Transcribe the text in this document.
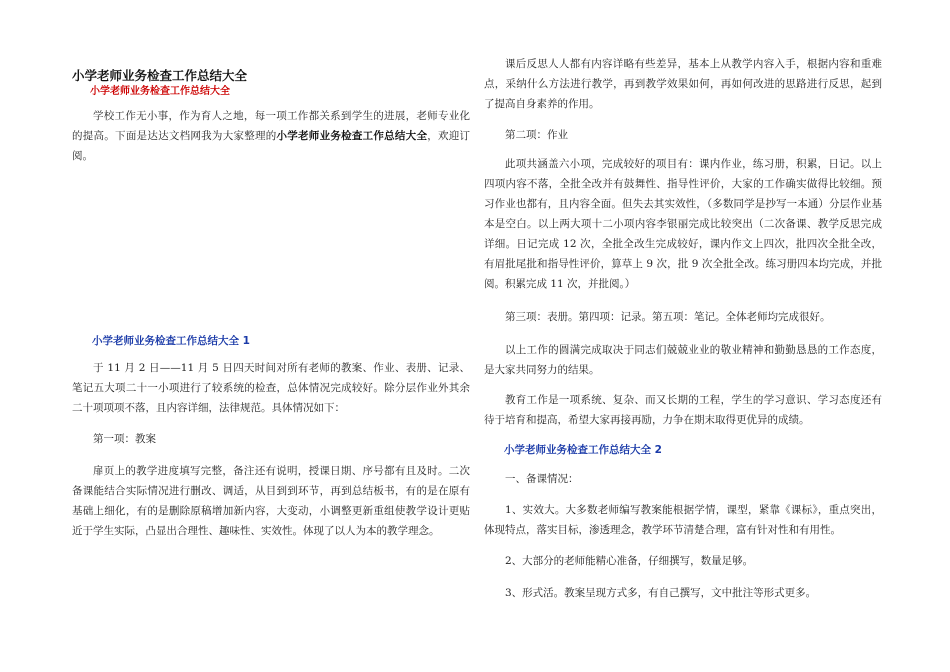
小学老师业务检查工作总结大全
小学老师业务检查工作总结大全

学校工作无小事，作为育人之地，每一项工作都关系到学生的进展，老师专业化的提高。下面是达达文档网我为大家整理的小学老师业务检查工作总结大全，欢迎订阅。

小学老师业务检查工作总结大全 1

于 11 月 2 日——11 月 5 日四天时间对所有老师的教案、作业、表册、记录、笔记五大项二十一小项进行了较系统的检查，总体情况完成较好。除分层作业外其余二十项项项不落，且内容详细，法律规范。具体情况如下：

第一项：教案

扉页上的教学进度填写完整，备注还有说明，授课日期、序号都有且及时。二次备课能结合实际情况进行删改、调适，从目到到环节，再到总结板书，有的是在原有基础上细化，有的是删除原稿增加新内容，大变动，小调整更新重组使教学设计更贴近于学生实际，凸显出合理性、趣味性、实效性。体现了以人为本的教学理念。

课后反思人人都有内容详略有些差异，基本上从教学内容入手，根据内容和重难点，采纳什么方法进行教学，再到教学效果如何，再如何改进的思路进行反思，起到了提高自身素养的作用。

第二项：作业

此项共涵盖六小项，完成较好的项目有：课内作业，练习册，积累，日记。以上四项内容不落，全批全改并有鼓舞性、指导性评价，大家的工作确实做得比较细。预习作业也都有，且内容全面。但失去其实效性，（多数同学是抄写一本通）分层作业基本是空白。以上两大项十二小项内容李银丽完成比较突出（二次备课、教学反思完成详细。日记完成 12 次，全批全改生完成较好，课内作文上四次，批四次全批全改，有眉批尾批和指导性评价，算草上 9 次，批 9 次全批全改。练习册四本均完成，并批阅。积累完成 11 次，并批阅。）

第三项：表册。第四项：记录。第五项：笔记。全体老师均完成很好。

以上工作的圆满完成取决于同志们兢兢业业的敬业精神和勤勤恳恳的工作态度，是大家共同努力的结果。

教育工作是一项系统、复杂、而又长期的工程，学生的学习意识、学习态度还有待于培育和提高，希望大家再接再励，力争在期末取得更优异的成绩。

小学老师业务检查工作总结大全 2
一、备课情况：

1、实效大。大多数老师编写教案能根据学情，课型，紧靠《课标》，重点突出，体现特点，落实目标，渗透理念，教学环节清楚合理，富有针对性和有用性。

2、大部分的老师能精心准备，仔细撰写，数量足够。
3、形式活。教案呈现方式多，有自己撰写，文中批注等形式更多。
